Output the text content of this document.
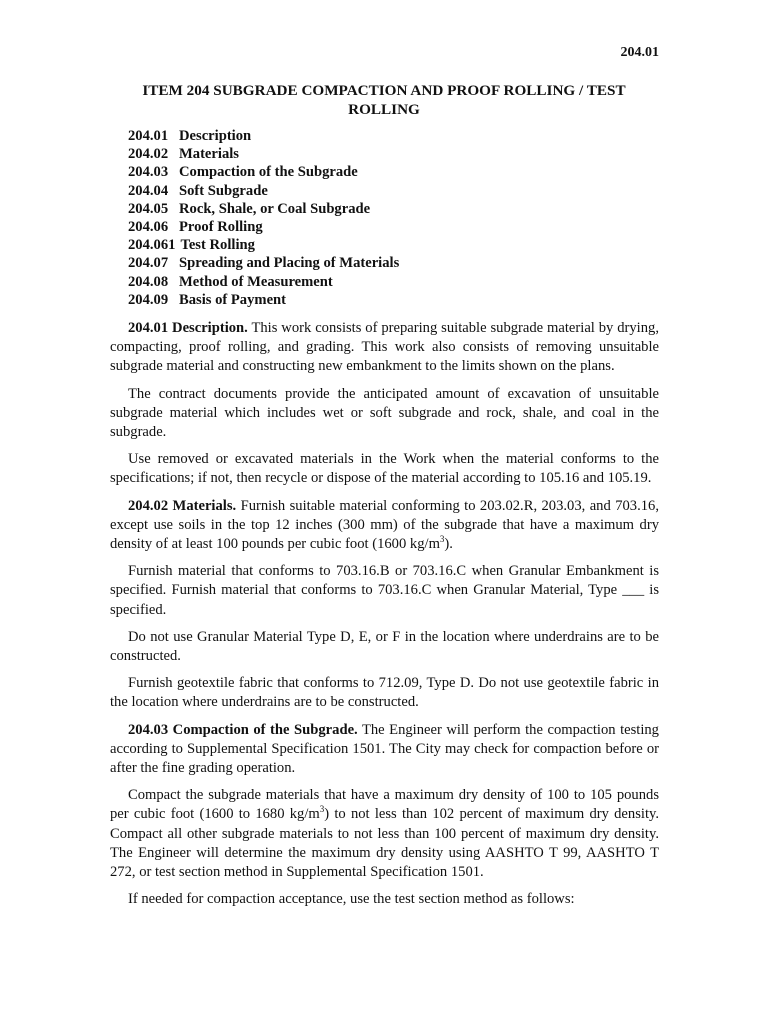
204.01
ITEM 204 SUBGRADE COMPACTION AND PROOF ROLLING / TEST ROLLING
204.01 Description
204.02 Materials
204.03 Compaction of the Subgrade
204.04 Soft Subgrade
204.05 Rock, Shale, or Coal Subgrade
204.06 Proof Rolling
204.061 Test Rolling
204.07 Spreading and Placing of Materials
204.08 Method of Measurement
204.09 Basis of Payment

204.01 Description. This work consists of preparing suitable subgrade material by drying, compacting, proof rolling, and grading. This work also consists of removing unsuitable subgrade material and constructing new embankment to the limits shown on the plans.

The contract documents provide the anticipated amount of excavation of unsuitable subgrade material which includes wet or soft subgrade and rock, shale, and coal in the subgrade.

Use removed or excavated materials in the Work when the material conforms to the specifications; if not, then recycle or dispose of the material according to 105.16 and 105.19.

204.02 Materials. Furnish suitable material conforming to 203.02.R, 203.03, and 703.16, except use soils in the top 12 inches (300 mm) of the subgrade that have a maximum dry density of at least 100 pounds per cubic foot (1600 $kg/m^3$).

Furnish material that conforms to 703.16.B or 703.16.C when Granular Embankment is specified. Furnish material that conforms to 703.16.C when Granular Material, Type ___ is specified.

Do not use Granular Material Type D, E, or F in the location where underdrains are to be constructed.

Furnish geotextile fabric that conforms to 712.09, Type D. Do not use geotextile fabric in the location where underdrains are to be constructed.

204.03 Compaction of the Subgrade. The Engineer will perform the compaction testing according to Supplemental Specification 1501. The City may check for compaction before or after the fine grading operation.

Compact the subgrade materials that have a maximum dry density of 100 to 105 pounds per cubic foot (1600 to 1680 $kg/m^3$) to not less than 102 percent of maximum dry density. Compact all other subgrade materials to not less than 100 percent of maximum dry density. The Engineer will determine the maximum dry density using AASHTO T 99, AASHTO T 272, or test section method in Supplemental Specification 1501.

If needed for compaction acceptance, use the test section method as follows:
